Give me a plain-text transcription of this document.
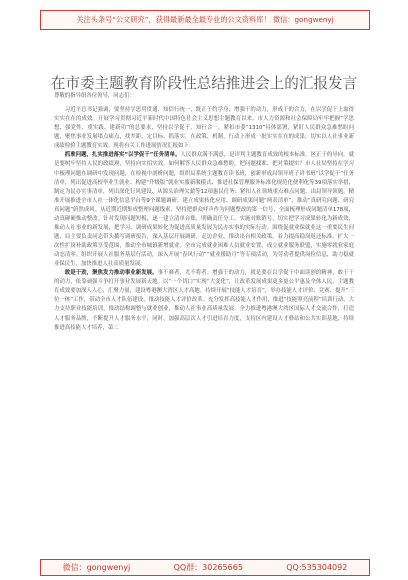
关注头条号“公文研究”，获得最新最全最专业的公文资料库！ 微信：gongwenyj
在市委主题教育阶段性总结推进会上的汇报发言

尊敬的指导组各位领导，同志们：

习近平总书记强调，要坚持学思用贯通、知信行统一，既正于约学身，增强干的动力，形成干的合力，在以学促干上取得实实在在的成效。开展学习贯彻习近平新时代中国特色社会主义思想主题教育以来，市人力资源和社会保障局牢牢把握“学思想、强党性、重实践、建新功”的总要求，坚持以学促干，知行合一，紧扣市委“1310”具体部署，紧盯人民群众急难愁盼问题，聚焦事业发展堵点痛点，找差距、定目标、抓落实，在政策、机制、行动上形成一批实实在在的成果，切实以人社事业新成绩检验主题教育实效。现将有关工作进展情况汇报如下：

抓准问题，扎实推进落实“以学促干”任务清单。人民群众满不满意，是评判主题教育成效的根本标准。区正于的导向，就是要树牢坚持人民的政绩观，坚持向实招实效。如何解答人民群众急难愁盼，把问题找准、把对策提实？市人社局坚持在学习中梳理问题在调研中发现问题，在检视中剖析问题，组织局系统主题教育读书班，创新形成局领导班子讲书班“以学促干”任务清单，列出促进高校毕业生就业、构建“升级版”就业实服新服模式、推进社保管理服务标准化规范化便利化等39项落实举措，制定为民办实事清单，列出深化行风建设、从源头治理欠薪等12项惠民任务；紧扣人社领域重点难点问题，由局领导领题，精准开展推进全市人社一体化信息平台等9个课题调研，建立成果转化应用、调研成果问题“两表清单”，推动“真研究问题、研究真问题”蔚然成风。从近期近期集成整理问题线索，坚持把群众呼声作为问题整改的第一信号，全面梳理形成问题清单178项，动真碰硬推动整改。针对发现问题短板，逐一建立清单台账，明确责任分工、实施对账销号，切实把学习成果转化为新成效，推动人社事业的新发展，把学习、调研成果转化为促进高质量发展为民办实事的实际行动。围绕促就业保就业这一重要民生问题，局主要负责同志带头撰写调研报告，深入基层开展调研，走访企业，推动出台相关政策。着力提高稳岗返还标准，扩大一次性扩岗补助政策享受范围，推动全市城镇新增就业。全市完成就业困难人员就业安置，成立就业服务联盟，实施零就业家庭动态清零。组织开展人社服务基层行活动，深入开展“春风行动”“就业援助月”等专项活动，为劳动者提供岗位信息，助力稳就业保民生，加快推进人社高质量发展。

敢是干劲，聚焦发力推动事业新发展。事不难者，尤不将者。增强干的动力，就是要在以学促干中面谈创的精神，敢于干的动力，依靠顽强斗争打开事业发展新天地。以“一个切口”实现“大变化”，让改革发展成果更多更公平惠及全体人民。主题教育成效要加深人人心，汇聚力量，建设粤港澳大湾区人才高地。持续开展“技能人才培育”，举办技能人才评价、竞赛、提升“三位一体”工作，带动全市人才队伍建设，推动技能人才评价改革。充分发挥高技能人才作用，推进“技能照亮前程”培训行动，大力支持职业技能培训，推动结构调整与就业创业，推动人社事业高质量发展。全力推进粤港澳大湾区国际人才交流合作，打造人才服务品牌，不断提升人才服务水平，同时，加强高层次人才引进培育力度，支持区内建设人才驿站和公共实训基地，持续推进高技能人才培养，第二

微信：gongwenyj	QQ群：30265665	QQ:535304092
